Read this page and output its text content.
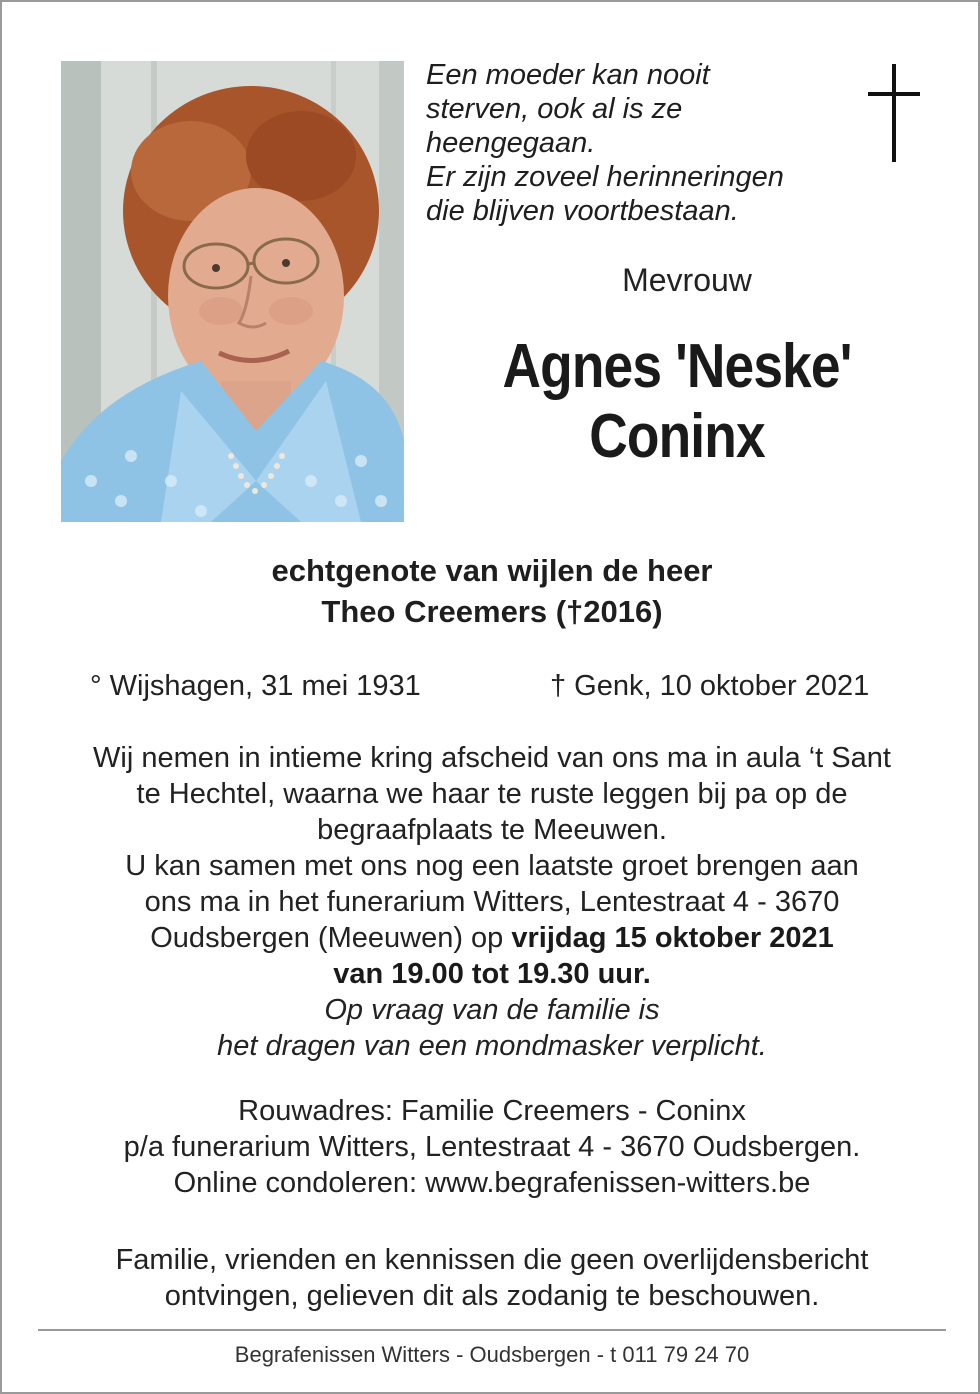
Een moeder kan nooit
sterven, ook al is ze
heengegaan.
Er zijn zoveel herinneringen
die blijven voortbestaan.
Mevrouw
Agnes 'Neske'
Coninx
echtgenote van wijlen de heer
Theo Creemers (†2016)
° Wijshagen, 31 mei 1931	† Genk, 10 oktober 2021
Wij nemen in intieme kring afscheid van ons ma in aula ‘t Sant
te Hechtel, waarna we haar te ruste leggen bij pa op de
begraafplaats te Meeuwen.
U kan samen met ons nog een laatste groet brengen aan
ons ma in het funerarium Witters, Lentestraat 4 - 3670
Oudsbergen (Meeuwen) op vrijdag 15 oktober 2021
van 19.00 tot 19.30 uur.
Op vraag van de familie is
het dragen van een mondmasker verplicht.
Rouwadres: Familie Creemers - Coninx
p/a funerarium Witters, Lentestraat 4 - 3670 Oudsbergen.
Online condoleren: www.begrafenissen-witters.be
Familie, vrienden en kennissen die geen overlijdensbericht
ontvingen, gelieven dit als zodanig te beschouwen.
Begrafenissen Witters - Oudsbergen - t 011 79 24 70
